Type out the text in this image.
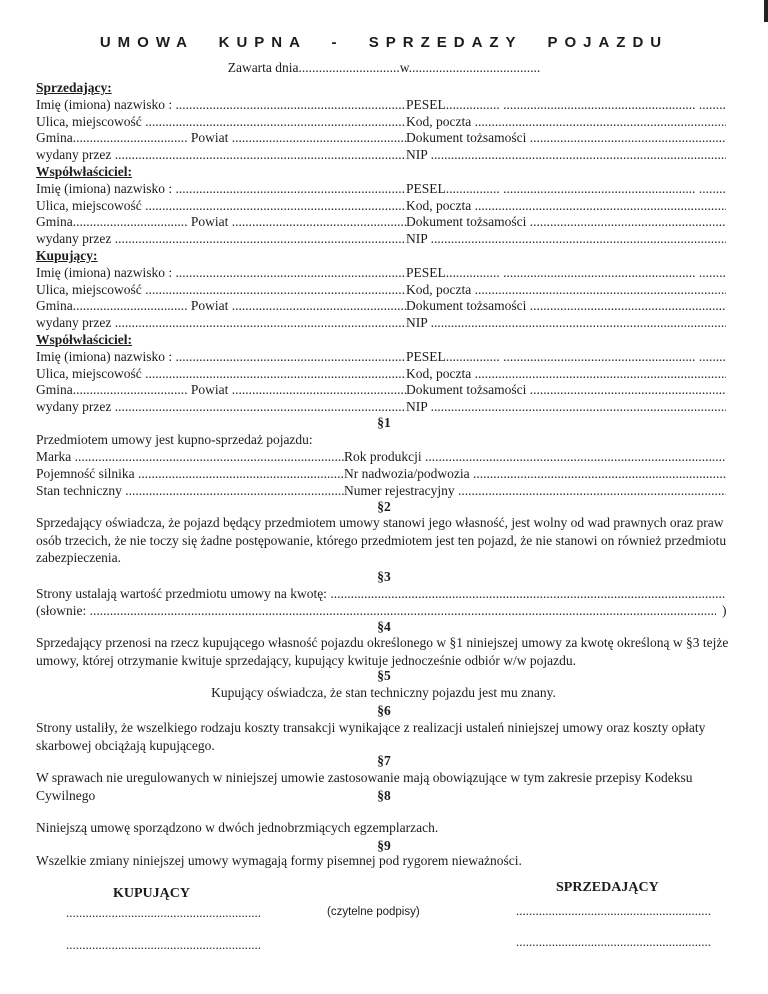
UMOWA KUPNA - SPRZEDAZY POJAZDU
Zawarta dnia..............................w.......................................
Sprzedający:
Imię (imiona) nazwisko : .....	PESEL................ ......................................................... .....
Ulica, miejscowość .....	Kod, poczta .....
Gmina.................................. Powiat .....	Dokument tożsamości .....
wydany przez .....	NIP .....
Współwłaściciel:
Imię (imiona) nazwisko : .....	PESEL................ ......................................................... .....
Ulica, miejscowość .....	Kod, poczta .....
Gmina.................................. Powiat .....	Dokument tożsamości .....
wydany przez .....	NIP .....
Kupujący:
Imię (imiona) nazwisko : .....	PESEL................ ......................................................... .....
Ulica, miejscowość .....	Kod, poczta .....
Gmina.................................. Powiat .....	Dokument tożsamości .....
wydany przez .....	NIP .....
Współwłaściciel:
Imię (imiona) nazwisko : .....	PESEL................ ......................................................... .....
Ulica, miejscowość .....	Kod, poczta .....
Gmina.................................. Powiat .....	Dokument tożsamości .....
wydany przez .....	NIP .....
§1
Przedmiotem umowy jest kupno-sprzedaż pojazdu:
Marka .....	Rok produkcji .....
Pojemność silnika .....	Nr nadwozia/podwozia .....
Stan techniczny .....	Numer rejestracyjny .....
§2
Sprzedający oświadcza, że pojazd będący przedmiotem umowy stanowi jego własność, jest wolny od wad prawnych oraz praw osób trzecich, że nie toczy się żadne postępowanie, którego przedmiotem jest ten pojazd, że nie stanowi on również przedmiotu zabezpieczenia.
§3
Strony ustalają wartość przedmiotu umowy na kwotę: .....
(słownie: .....	)
§4
Sprzedający przenosi na rzecz kupującego własność pojazdu określonego w §1 niniejszej umowy za kwotę określoną w §3 tejże umowy, której otrzymanie kwituje sprzedający, kupujący kwituje jednocześnie odbiór w/w pojazdu.
§5
Kupujący oświadcza, że stan techniczny pojazdu jest mu znany.
§6
Strony ustaliły, że wszelkiego rodzaju koszty transakcji wynikające z realizacji ustaleń niniejszej umowy oraz koszty opłaty skarbowej obciążają kupującego.
§7
W sprawach nie uregulowanych w niniejszej umowie zastosowanie mają obowiązujące w tym zakresie przepisy Kodeksu Cywilnego	§8
Niniejszą umowę sporządzono w dwóch jednobrzmiących egzemplarzach.
§9
Wszelkie zmiany niniejszej umowy wymagają formy pisemnej pod rygorem nieważności.
KUPUJĄCY	SPRZEDAJĄCY
(czytelne podpisy)
............................................................
............................................................
............................................................
............................................................
